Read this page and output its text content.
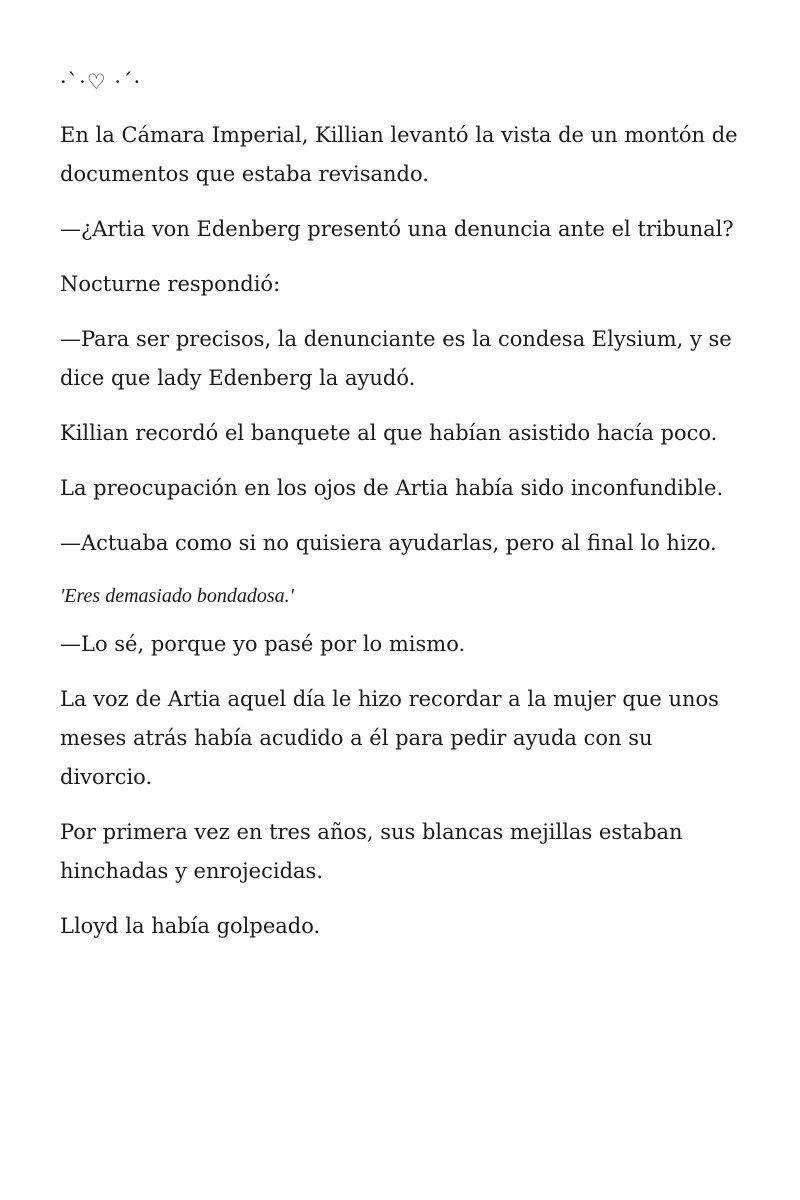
·`·♡ ·´·

En la Cámara Imperial, Killian levantó la vista de un montón de documentos que estaba revisando.

—¿Artia von Edenberg presentó una denuncia ante el tribunal?

Nocturne respondió:

—Para ser precisos, la denunciante es la condesa Elysium, y se dice que lady Edenberg la ayudó.

Killian recordó el banquete al que habían asistido hacía poco.

La preocupación en los ojos de Artia había sido inconfundible.

—Actuaba como si no quisiera ayudarlas, pero al final lo hizo.

'Eres demasiado bondadosa.'

—Lo sé, porque yo pasé por lo mismo.

La voz de Artia aquel día le hizo recordar a la mujer que unos meses atrás había acudido a él para pedir ayuda con su divorcio.

Por primera vez en tres años, sus blancas mejillas estaban hinchadas y enrojecidas.

Lloyd la había golpeado.
